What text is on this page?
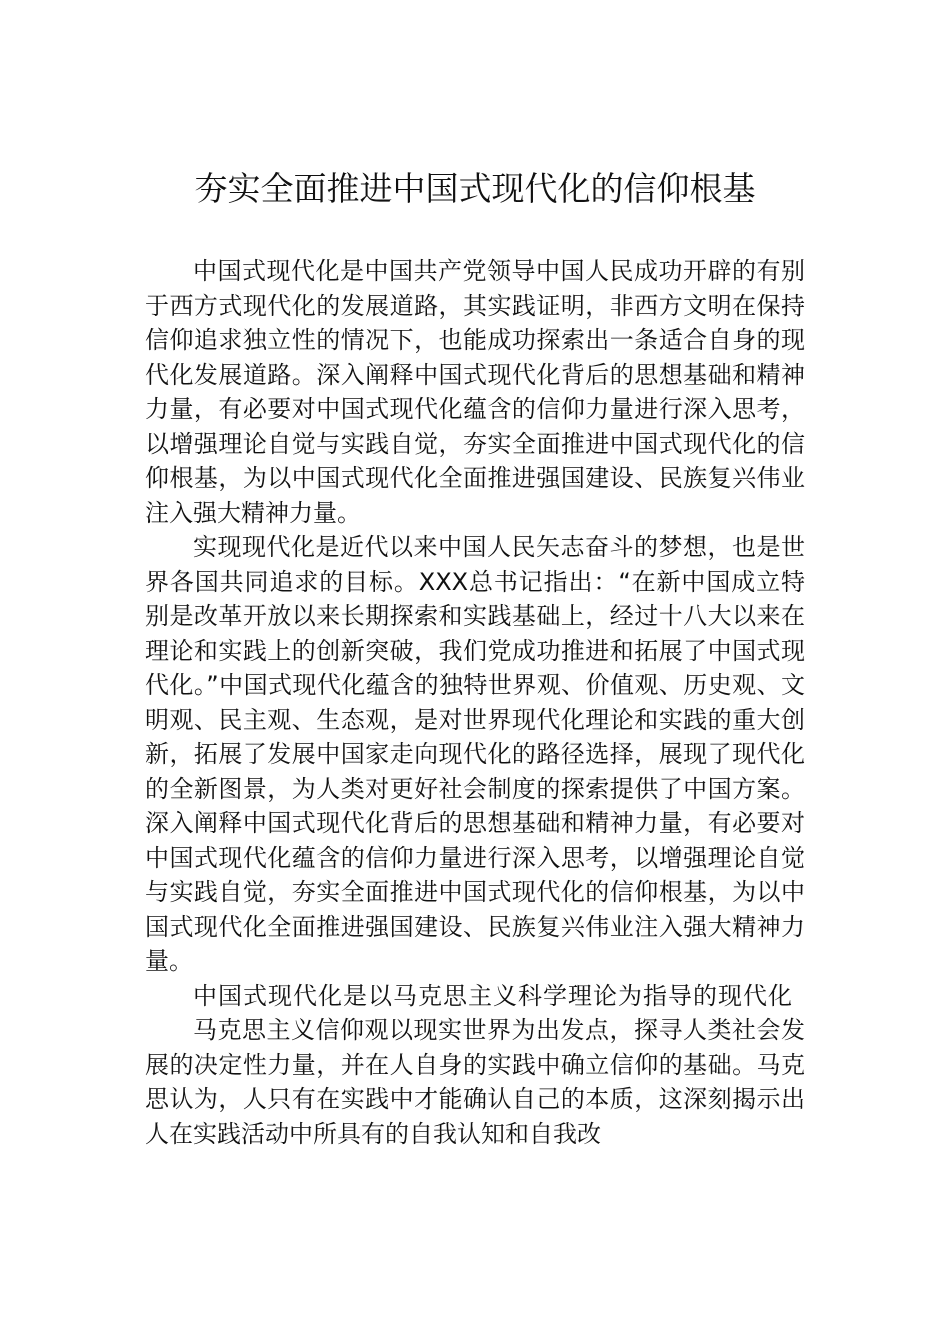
夯实全面推进中国式现代化的信仰根基

中国式现代化是中国共产党领导中国人民成功开辟的有别于西方式现代化的发展道路，其实践证明，非西方文明在保持信仰追求独立性的情况下，也能成功探索出一条适合自身的现代化发展道路。深入阐释中国式现代化背后的思想基础和精神力量，有必要对中国式现代化蕴含的信仰力量进行深入思考，以增强理论自觉与实践自觉，夯实全面推进中国式现代化的信仰根基，为以中国式现代化全面推进强国建设、民族复兴伟业注入强大精神力量。

实现现代化是近代以来中国人民矢志奋斗的梦想，也是世界各国共同追求的目标。XXX总书记指出：“在新中国成立特别是改革开放以来长期探索和实践基础上，经过十八大以来在理论和实践上的创新突破，我们党成功推进和拓展了中国式现代化。”中国式现代化蕴含的独特世界观、价值观、历史观、文明观、民主观、生态观，是对世界现代化理论和实践的重大创新，拓展了发展中国家走向现代化的路径选择，展现了现代化的全新图景，为人类对更好社会制度的探索提供了中国方案。深入阐释中国式现代化背后的思想基础和精神力量，有必要对中国式现代化蕴含的信仰力量进行深入思考，以增强理论自觉与实践自觉，夯实全面推进中国式现代化的信仰根基，为以中国式现代化全面推进强国建设、民族复兴伟业注入强大精神力量。

中国式现代化是以马克思主义科学理论为指导的现代化

马克思主义信仰观以现实世界为出发点，探寻人类社会发展的决定性力量，并在人自身的实践中确立信仰的基础。马克思认为，人只有在实践中才能确认自己的本质，这深刻揭示出人在实践活动中所具有的自我认知和自我改
